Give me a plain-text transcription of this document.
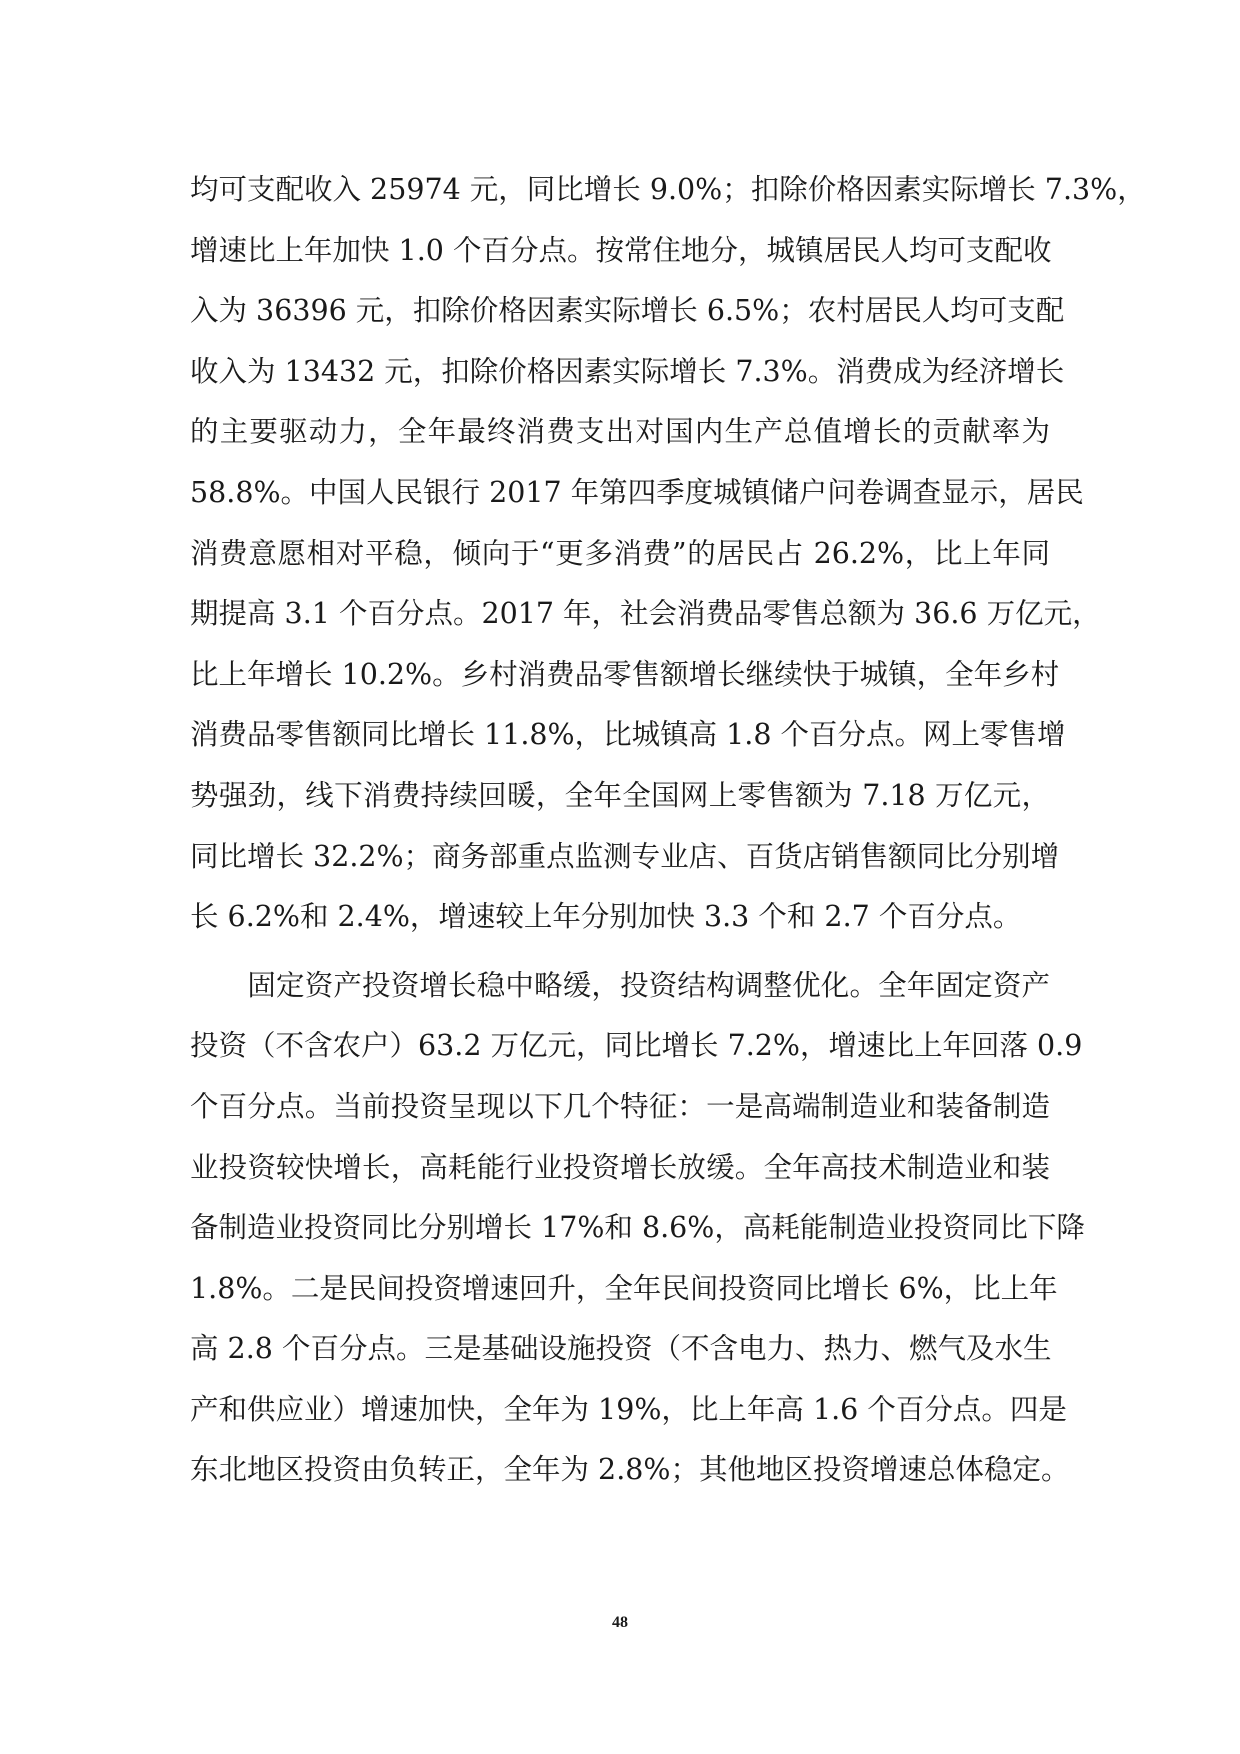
均可支配收入 25974 元，同比增长 9.0%；扣除价格因素实际增长 7.3%，
增速比上年加快 1.0 个百分点。按常住地分，城镇居民人均可支配收
入为 36396 元，扣除价格因素实际增长 6.5%；农村居民人均可支配
收入为 13432 元，扣除价格因素实际增长 7.3%。消费成为经济增长
的主要驱动力，全年最终消费支出对国内生产总值增长的贡献率为
58.8%。中国人民银行 2017 年第四季度城镇储户问卷调查显示，居民
消费意愿相对平稳，倾向于“更多消费”的居民占 26.2%，比上年同
期提高 3.1 个百分点。2017 年，社会消费品零售总额为 36.6 万亿元，
比上年增长 10.2%。乡村消费品零售额增长继续快于城镇，全年乡村
消费品零售额同比增长 11.8%，比城镇高 1.8 个百分点。网上零售增
势强劲，线下消费持续回暖，全年全国网上零售额为 7.18 万亿元，
同比增长 32.2%；商务部重点监测专业店、百货店销售额同比分别增
长 6.2%和 2.4%，增速较上年分别加快 3.3 个和 2.7 个百分点。
　　固定资产投资增长稳中略缓，投资结构调整优化。全年固定资产
投资（不含农户）63.2 万亿元，同比增长 7.2%，增速比上年回落 0.9
个百分点。当前投资呈现以下几个特征：一是高端制造业和装备制造
业投资较快增长，高耗能行业投资增长放缓。全年高技术制造业和装
备制造业投资同比分别增长 17%和 8.6%，高耗能制造业投资同比下降
1.8%。二是民间投资增速回升，全年民间投资同比增长 6%，比上年
高 2.8 个百分点。三是基础设施投资（不含电力、热力、燃气及水生
产和供应业）增速加快，全年为 19%，比上年高 1.6 个百分点。四是
东北地区投资由负转正，全年为 2.8%；其他地区投资增速总体稳定。
48
